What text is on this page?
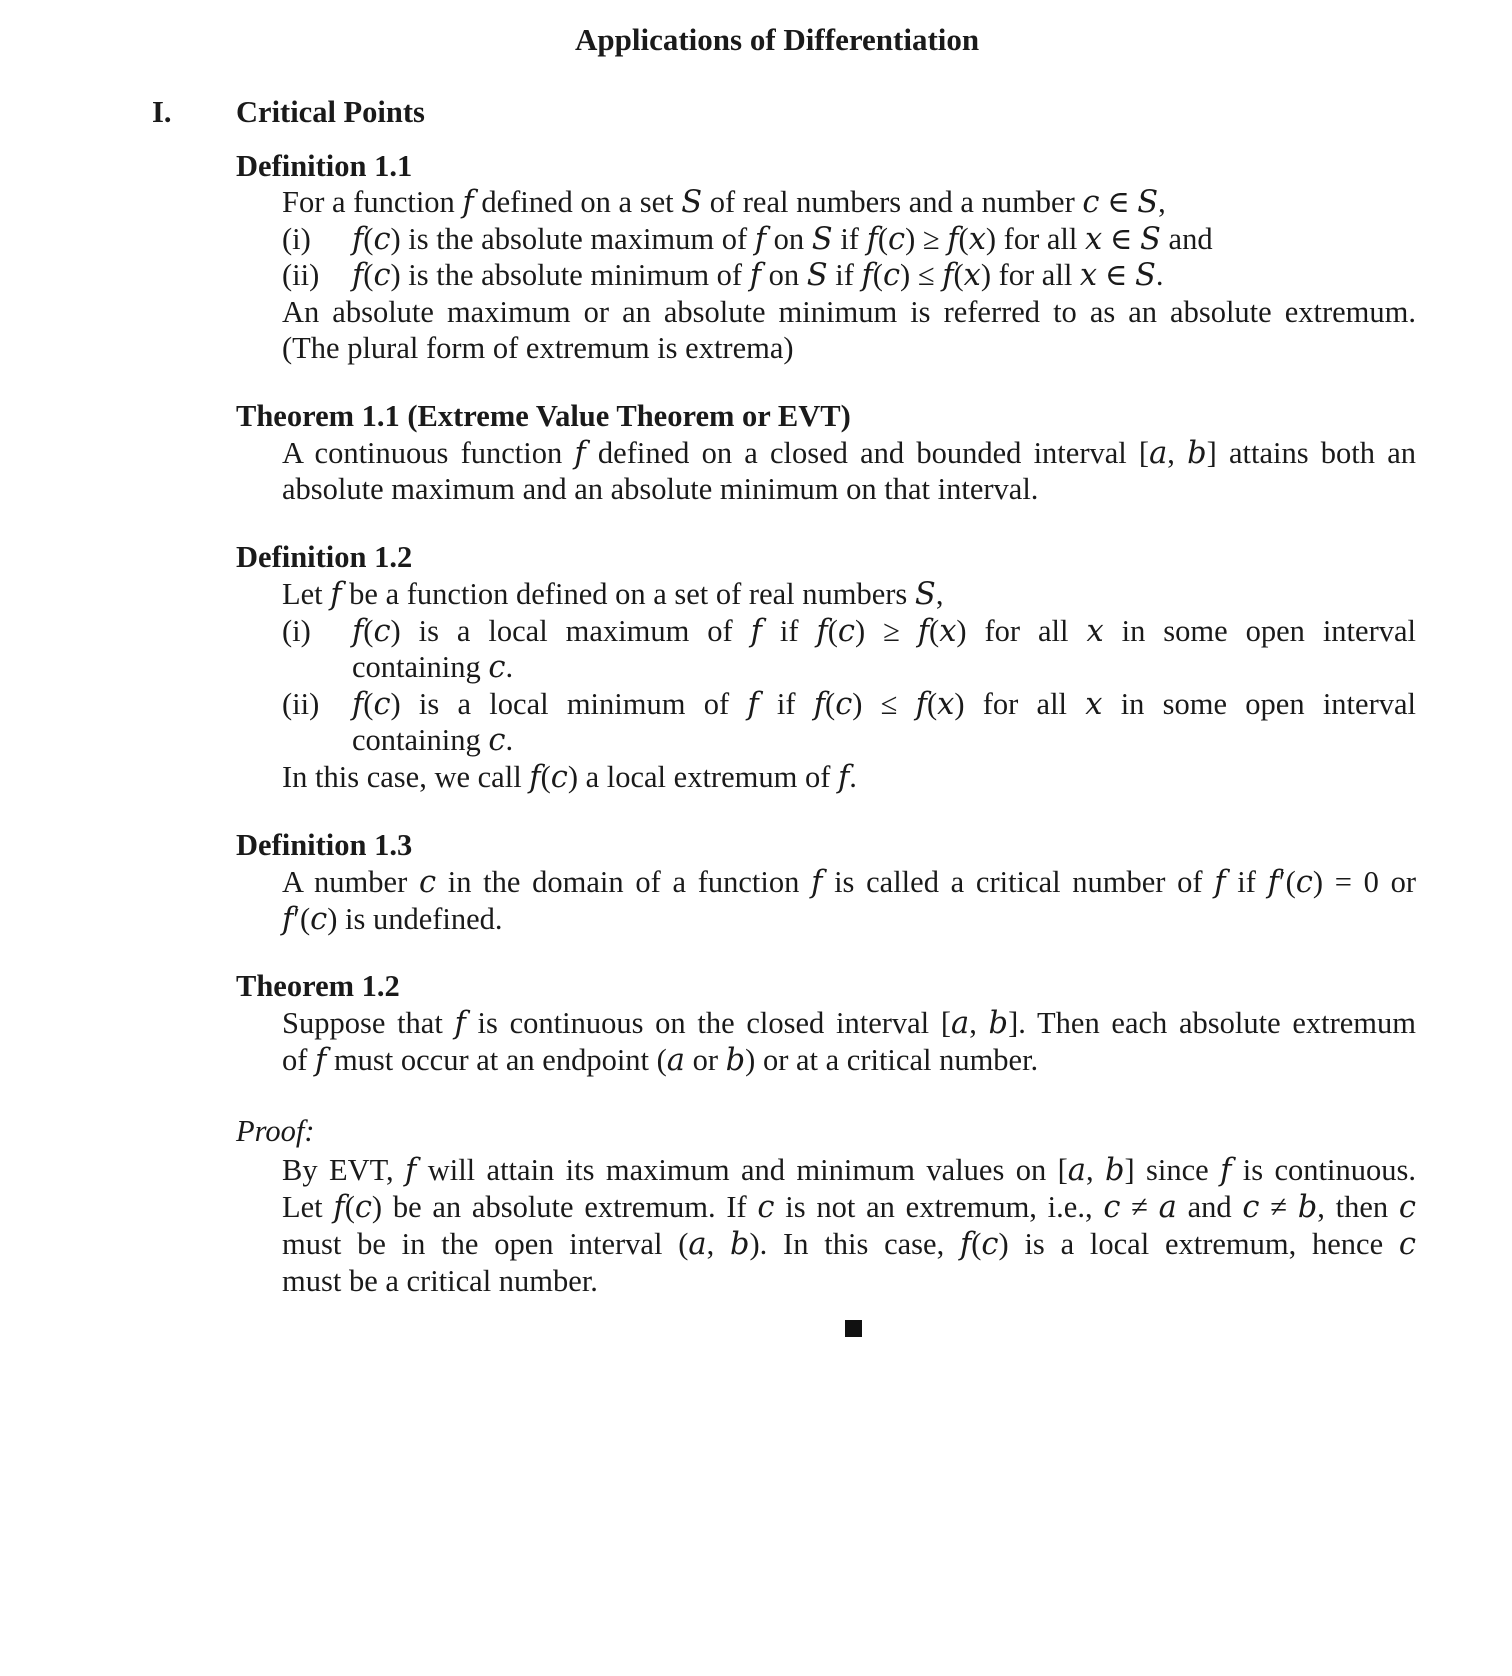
Applications of Differentiation
I. Critical Points
Definition 1.1
For a function 𝑓 defined on a set 𝑆 of real numbers and a number 𝑐 ∈ 𝑆,
(i) 𝑓(𝑐) is the absolute maximum of 𝑓 on 𝑆 if 𝑓(𝑐) ≥ 𝑓(𝑥) for all 𝑥 ∈ 𝑆 and
(ii) 𝑓(𝑐) is the absolute minimum of 𝑓 on 𝑆 if 𝑓(𝑐) ≤ 𝑓(𝑥) for all 𝑥 ∈ 𝑆.
An absolute maximum or an absolute minimum is referred to as an absolute extremum.
(The plural form of extremum is extrema)
Theorem 1.1 (Extreme Value Theorem or EVT)
A continuous function 𝑓 defined on a closed and bounded interval [𝑎, 𝑏] attains both an
absolute maximum and an absolute minimum on that interval.
Definition 1.2
Let 𝑓 be a function defined on a set of real numbers 𝑆,
(i) 𝑓(𝑐) is a local maximum of 𝑓 if 𝑓(𝑐) ≥ 𝑓(𝑥) for all 𝑥 in some open interval
containing 𝑐.
(ii) 𝑓(𝑐) is a local minimum of 𝑓 if 𝑓(𝑐) ≤ 𝑓(𝑥) for all 𝑥 in some open interval
containing 𝑐.
In this case, we call 𝑓(𝑐) a local extremum of 𝑓.
Definition 1.3
A number 𝑐 in the domain of a function 𝑓 is called a critical number of 𝑓 if 𝑓′(𝑐) = 0 or
𝑓′(𝑐) is undefined.
Theorem 1.2
Suppose that 𝑓 is continuous on the closed interval [𝑎, 𝑏]. Then each absolute extremum
of 𝑓 must occur at an endpoint (𝑎 or 𝑏) or at a critical number.
Proof:
By EVT, 𝑓 will attain its maximum and minimum values on [𝑎, 𝑏] since 𝑓 is continuous.
Let 𝑓(𝑐) be an absolute extremum. If 𝑐 is not an extremum, i.e., 𝑐 ≠ 𝑎 and 𝑐 ≠ 𝑏, then 𝑐
must be in the open interval (𝑎, 𝑏). In this case, 𝑓(𝑐) is a local extremum, hence 𝑐
must be a critical number.
